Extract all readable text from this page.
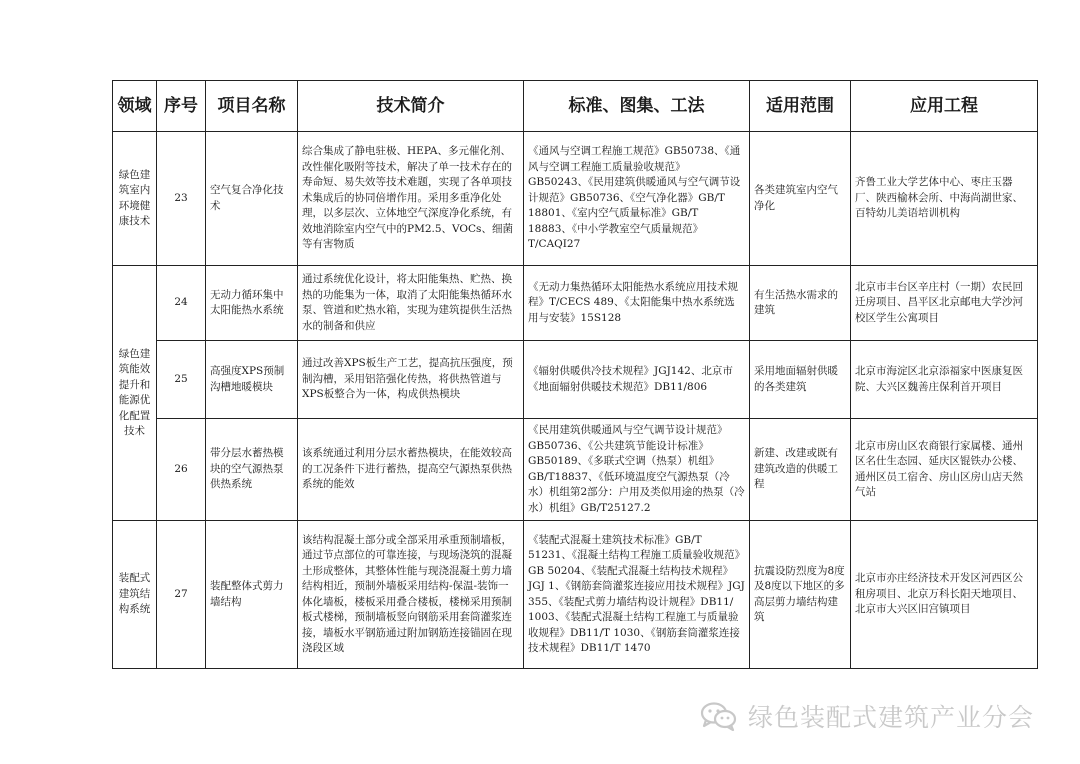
领域	序号	项目名称	技术简介	标准、图集、工法	适用范围	应用工程
绿色建筑室内环境健康技术	23	空气复合净化技术	综合集成了静电驻极、HEPA、多元催化剂、改性催化吸附等技术，解决了单一技术存在的寿命短、易失效等技术难题，实现了各单项技术集成后的协同倍增作用。采用多重净化处理，以多层次、立体地空气深度净化系统，有效地消除室内空气中的PM2.5、VOCs、细菌等有害物质	《通风与空调工程施工规范》GB50738、《通风与空调工程施工质量验收规范》GB50243、《民用建筑供暖通风与空气调节设计规范》GB50736、《空气净化器》GB/T 18801、《室内空气质量标准》GB/T 18883、《中小学教室空气质量规范》T/CAQI27	各类建筑室内空气净化	齐鲁工业大学艺体中心、枣庄玉器厂、陕西榆林会所、中海尚湖世家、百特幼儿美语培训机构
绿色建筑能效提升和能源优化配置技术	24	无动力循环集中太阳能热水系统	通过系统优化设计，将太阳能集热、贮热、换热的功能集为一体，取消了太阳能集热循环水泵、管道和贮热水箱，实现为建筑提供生活热水的制备和供应	《无动力集热循环太阳能热水系统应用技术规程》T/CECS 489、《太阳能集中热水系统选用与安装》15S128	有生活热水需求的建筑	北京市丰台区辛庄村（一期）农民回迁房项目、昌平区北京邮电大学沙河校区学生公寓项目
	25	高强度XPS预制沟槽地暖模块	通过改善XPS板生产工艺，提高抗压强度，预制沟槽，采用铝箔强化传热，将供热管道与XPS板整合为一体，构成供热模块	《辐射供暖供冷技术规程》JGJ142、北京市《地面辐射供暖技术规范》DB11/806	采用地面辐射供暖的各类建筑	北京市海淀区北京添福家中医康复医院、大兴区魏善庄保利首开项目
	26	带分层水蓄热模块的空气源热泵供热系统	该系统通过利用分层水蓄热模块，在能效较高的工况条件下进行蓄热，提高空气源热泵供热系统的能效	《民用建筑供暖通风与空气调节设计规范》GB50736、《公共建筑节能设计标准》GB50189、《多联式空调（热泵）机组》GB/T18837、《低环境温度空气源热泵（冷水）机组第2部分：户用及类似用途的热泵（冷水）机组》GB/T25127.2	新建、改建或既有建筑改造的供暖工程	北京市房山区农商银行家属楼、通州区名仕生态园、延庆区锟铁办公楼、通州区员工宿舍、房山区房山店天然气站
装配式建筑结构系统	27	装配整体式剪力墙结构	该结构混凝土部分或全部采用承重预制墙板，通过节点部位的可靠连接，与现场浇筑的混凝土形成整体，其整体性能与现浇混凝土剪力墙结构相近，预制外墙板采用结构-保温-装饰一体化墙板，楼板采用叠合楼板，楼梯采用预制板式楼梯，预制墙板竖向钢筋采用套筒灌浆连接，墙板水平钢筋通过附加钢筋连接锚固在现浇段区域	《装配式混凝土建筑技术标准》GB/T 51231、《混凝土结构工程施工质量验收规范》GB 50204、《装配式混凝土结构技术规程》JGJ 1、《钢筋套筒灌浆连接应用技术规程》JGJ 355、《装配式剪力墙结构设计规程》DB11/ 1003、《装配式混凝土结构工程施工与质量验收规程》DB11/T 1030、《钢筋套筒灌浆连接技术规程》DB11/T 1470	抗震设防烈度为8度及8度以下地区的多高层剪力墙结构建筑	北京市亦庄经济技术开发区河西区公租房项目、北京万科长阳天地项目、北京市大兴区旧宫镇项目
绿色装配式建筑产业分会
